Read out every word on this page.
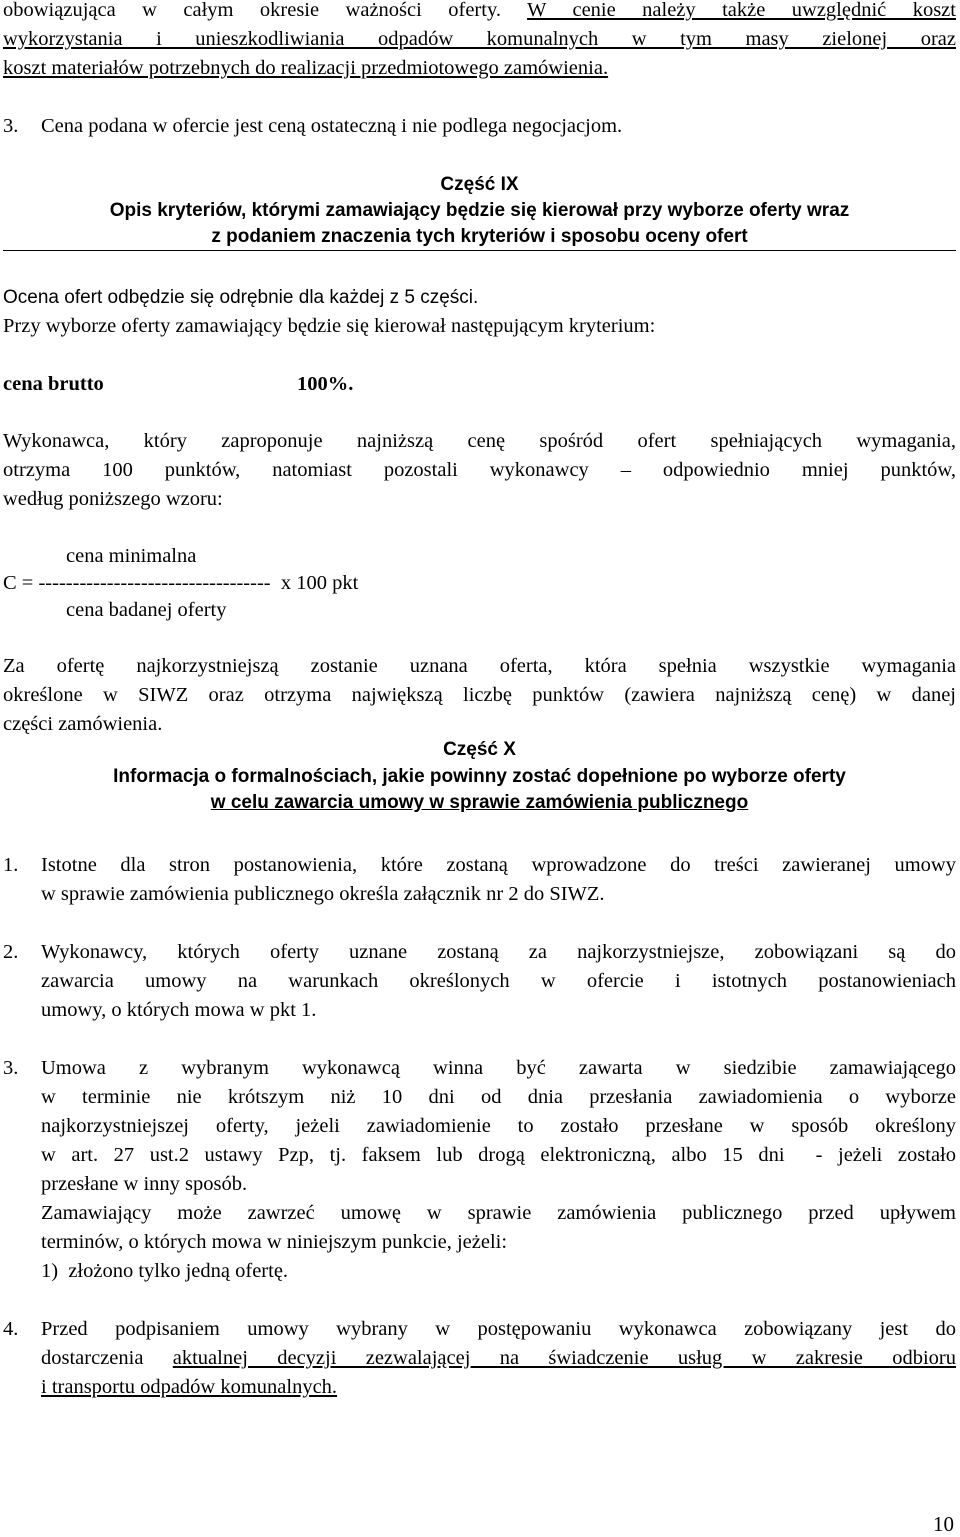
obowiązująca w całym okresie ważności oferty. W cenie należy także uwzględnić koszt
wykorzystania i unieszkodliwiania odpadów komunalnych w tym masy zielonej oraz
koszt materiałów potrzebnych do realizacji przedmiotowego zamówienia.
3.	Cena podana w ofercie jest ceną ostateczną i nie podlega negocjacjom.
Część IX
Opis kryteriów, którymi zamawiający będzie się kierował przy wyborze oferty wraz
z podaniem znaczenia tych kryteriów i sposobu oceny ofert
Ocena ofert odbędzie się odrębnie dla każdej z 5 części.
Przy wyborze oferty zamawiający będzie się kierował następującym kryterium:
cena brutto	100%.
Wykonawca, który zaproponuje najniższą cenę spośród ofert spełniających wymagania,
otrzyma 100 punktów, natomiast pozostali wykonawcy – odpowiednio mniej punktów,
według poniższego wzoru:
cena minimalna
C = ----------------------------------  x 100 pkt
cena badanej oferty
Za ofertę najkorzystniejszą zostanie uznana oferta, która spełnia wszystkie wymagania
określone w SIWZ oraz otrzyma największą liczbę punktów (zawiera najniższą cenę) w danej
części zamówienia.
Część X
Informacja o formalnościach, jakie powinny zostać dopełnione po wyborze oferty
w celu zawarcia umowy w sprawie zamówienia publicznego
1.	Istotne dla stron postanowienia, które zostaną wprowadzone do treści zawieranej umowy
w sprawie zamówienia publicznego określa załącznik nr 2 do SIWZ.
2.	Wykonawcy, których oferty uznane zostaną za najkorzystniejsze, zobowiązani są do
zawarcia umowy na warunkach określonych w ofercie i istotnych postanowieniach
umowy, o których mowa w pkt 1.
3.	Umowa z wybranym wykonawcą winna być zawarta w siedzibie zamawiającego
w terminie nie krótszym niż 10 dni od dnia przesłania zawiadomienia o wyborze
najkorzystniejszej oferty, jeżeli zawiadomienie to zostało przesłane w sposób określony
w art. 27 ust.2 ustawy Pzp, tj. faksem lub drogą elektroniczną, albo 15 dni  - jeżeli zostało
przesłane w inny sposób.
Zamawiający może zawrzeć umowę w sprawie zamówienia publicznego przed upływem
terminów, o których mowa w niniejszym punkcie, jeżeli:
1)  złożono tylko jedną ofertę.
4.	Przed podpisaniem umowy wybrany w postępowaniu wykonawca zobowiązany jest do
dostarczenia aktualnej decyzji zezwalającej na świadczenie usług w zakresie odbioru
i transportu odpadów komunalnych.
10
